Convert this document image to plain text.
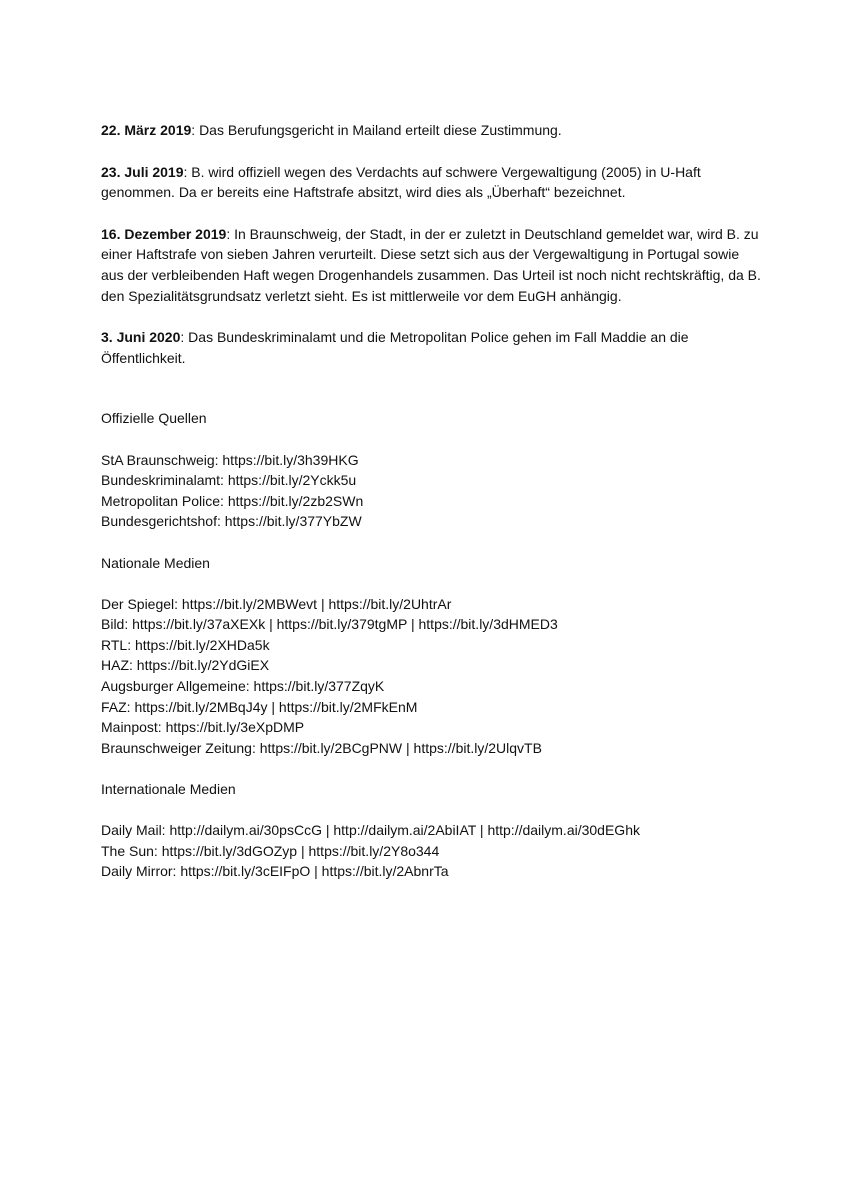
22. März 2019: Das Berufungsgericht in Mailand erteilt diese Zustimmung.

23. Juli 2019: B. wird offiziell wegen des Verdachts auf schwere Vergewaltigung (2005) in U-Haft genommen. Da er bereits eine Haftstrafe absitzt, wird dies als „Überhaft“ bezeichnet.

16. Dezember 2019: In Braunschweig, der Stadt, in der er zuletzt in Deutschland gemeldet war, wird B. zu einer Haftstrafe von sieben Jahren verurteilt. Diese setzt sich aus der Vergewaltigung in Portugal sowie aus der verbleibenden Haft wegen Drogenhandels zusammen. Das Urteil ist noch nicht rechtskräftig, da B. den Spezialitätsgrundsatz verletzt sieht. Es ist mittlerweile vor dem EuGH anhängig.

3. Juni 2020: Das Bundeskriminalamt und die Metropolitan Police gehen im Fall Maddie an die Öffentlichkeit.

Offizielle Quellen
StA Braunschweig: https://bit.ly/3h39HKG
Bundeskriminalamt: https://bit.ly/2Yckk5u
Metropolitan Police: https://bit.ly/2zb2SWn
Bundesgerichtshof: https://bit.ly/377YbZW
Nationale Medien
Der Spiegel: https://bit.ly/2MBWevt | https://bit.ly/2UhtrAr
Bild: https://bit.ly/37aXEXk | https://bit.ly/379tgMP | https://bit.ly/3dHMED3
RTL: https://bit.ly/2XHDa5k
HAZ: https://bit.ly/2YdGiEX
Augsburger Allgemeine: https://bit.ly/377ZqyK
FAZ: https://bit.ly/2MBqJ4y | https://bit.ly/2MFkEnM
Mainpost: https://bit.ly/3eXpDMP
Braunschweiger Zeitung: https://bit.ly/2BCgPNW | https://bit.ly/2UlqvTB
Internationale Medien
Daily Mail: http://dailym.ai/30psCcG | http://dailym.ai/2AbiIAT | http://dailym.ai/30dEGhk
The Sun: https://bit.ly/3dGOZyp | https://bit.ly/2Y8o344
Daily Mirror: https://bit.ly/3cEIFpO | https://bit.ly/2AbnrTa
